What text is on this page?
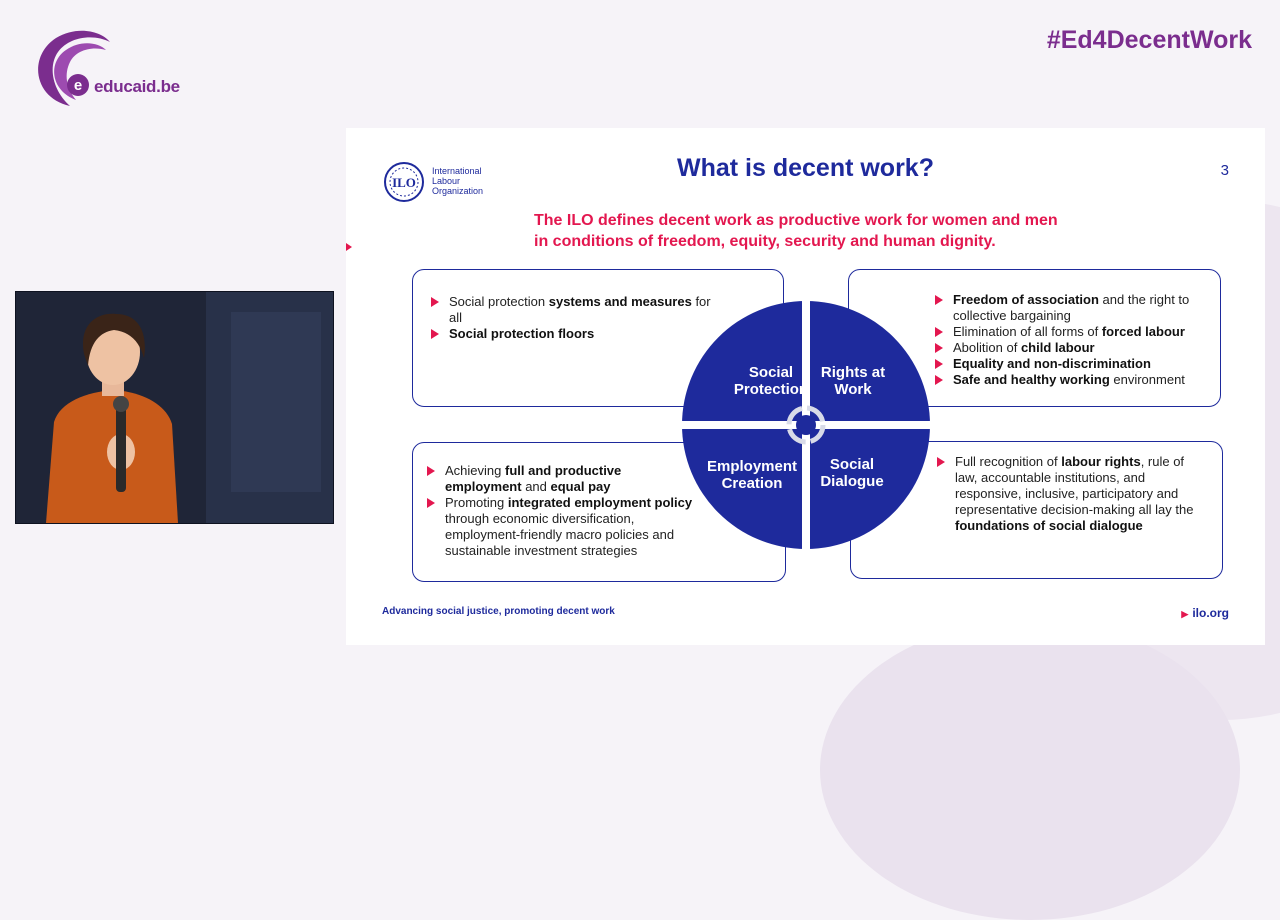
e educaid.be
#Ed4DecentWork
ILO
International
Labour
Organization
What is decent work?	3
The ILO defines decent work as productive work for women and men
in conditions of freedom, equity, security and human dignity.
Social protection systems and measures for all
Social protection floors
Freedom of association and the right to collective bargaining
Elimination of all forms of forced labour
Abolition of child labour
Equality and non-discrimination
Safe and healthy working environment
Achieving full and productive employment and equal pay
Promoting integrated employment policy through economic diversification, employment-friendly macro policies and sustainable investment strategies
Full recognition of labour rights, rule of law, accountable institutions, and responsive, inclusive, participatory and representative decision-making all lay the foundations of social dialogue
Social Protection
Rights at Work
Employment Creation
Social Dialogue
Advancing social justice, promoting decent work	▶ ilo.org
